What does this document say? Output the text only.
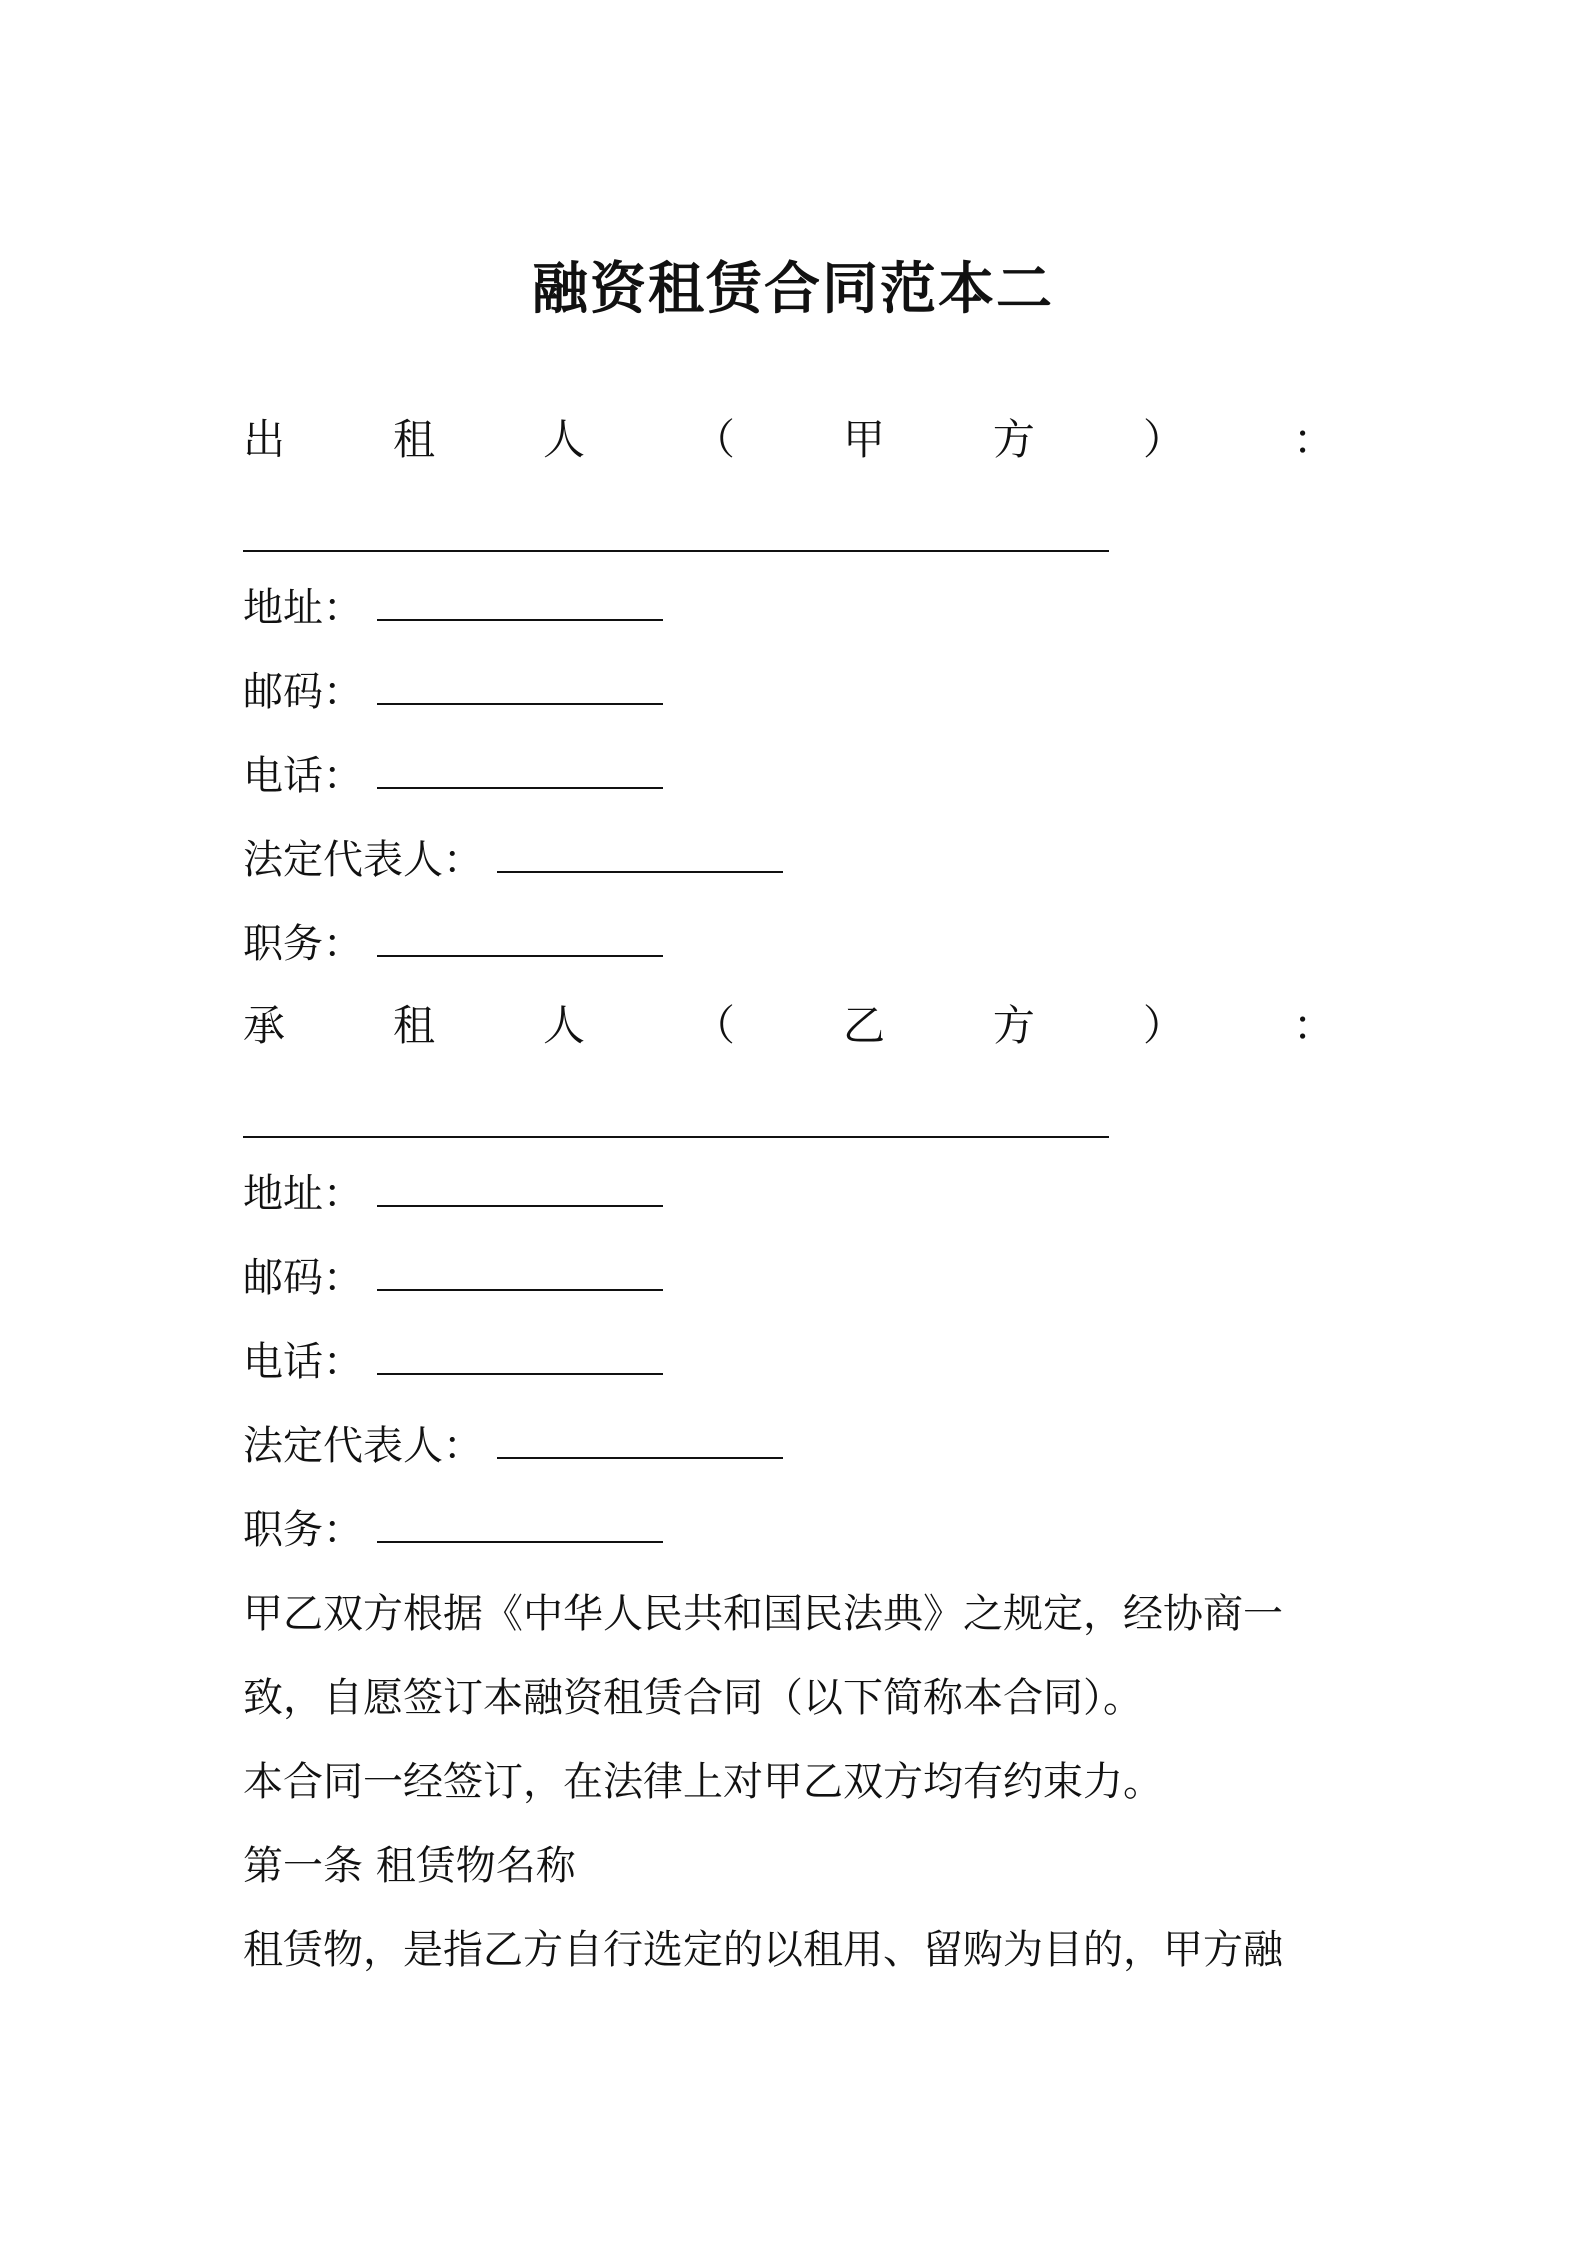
融资租赁合同范本二
出	租	人	（	甲	方	）	：
地址：
邮码：
电话：
法定代表人：
职务：
承	租	人	（	乙	方	）	：
地址：
邮码：
电话：
法定代表人：
职务：
甲乙双方根据《中华人民共和国民法典》之规定，经协商一
致，自愿签订本融资租赁合同（以下简称本合同）。
本合同一经签订，在法律上对甲乙双方均有约束力。
第一条 租赁物名称
租赁物，是指乙方自行选定的以租用、留购为目的，甲方融
